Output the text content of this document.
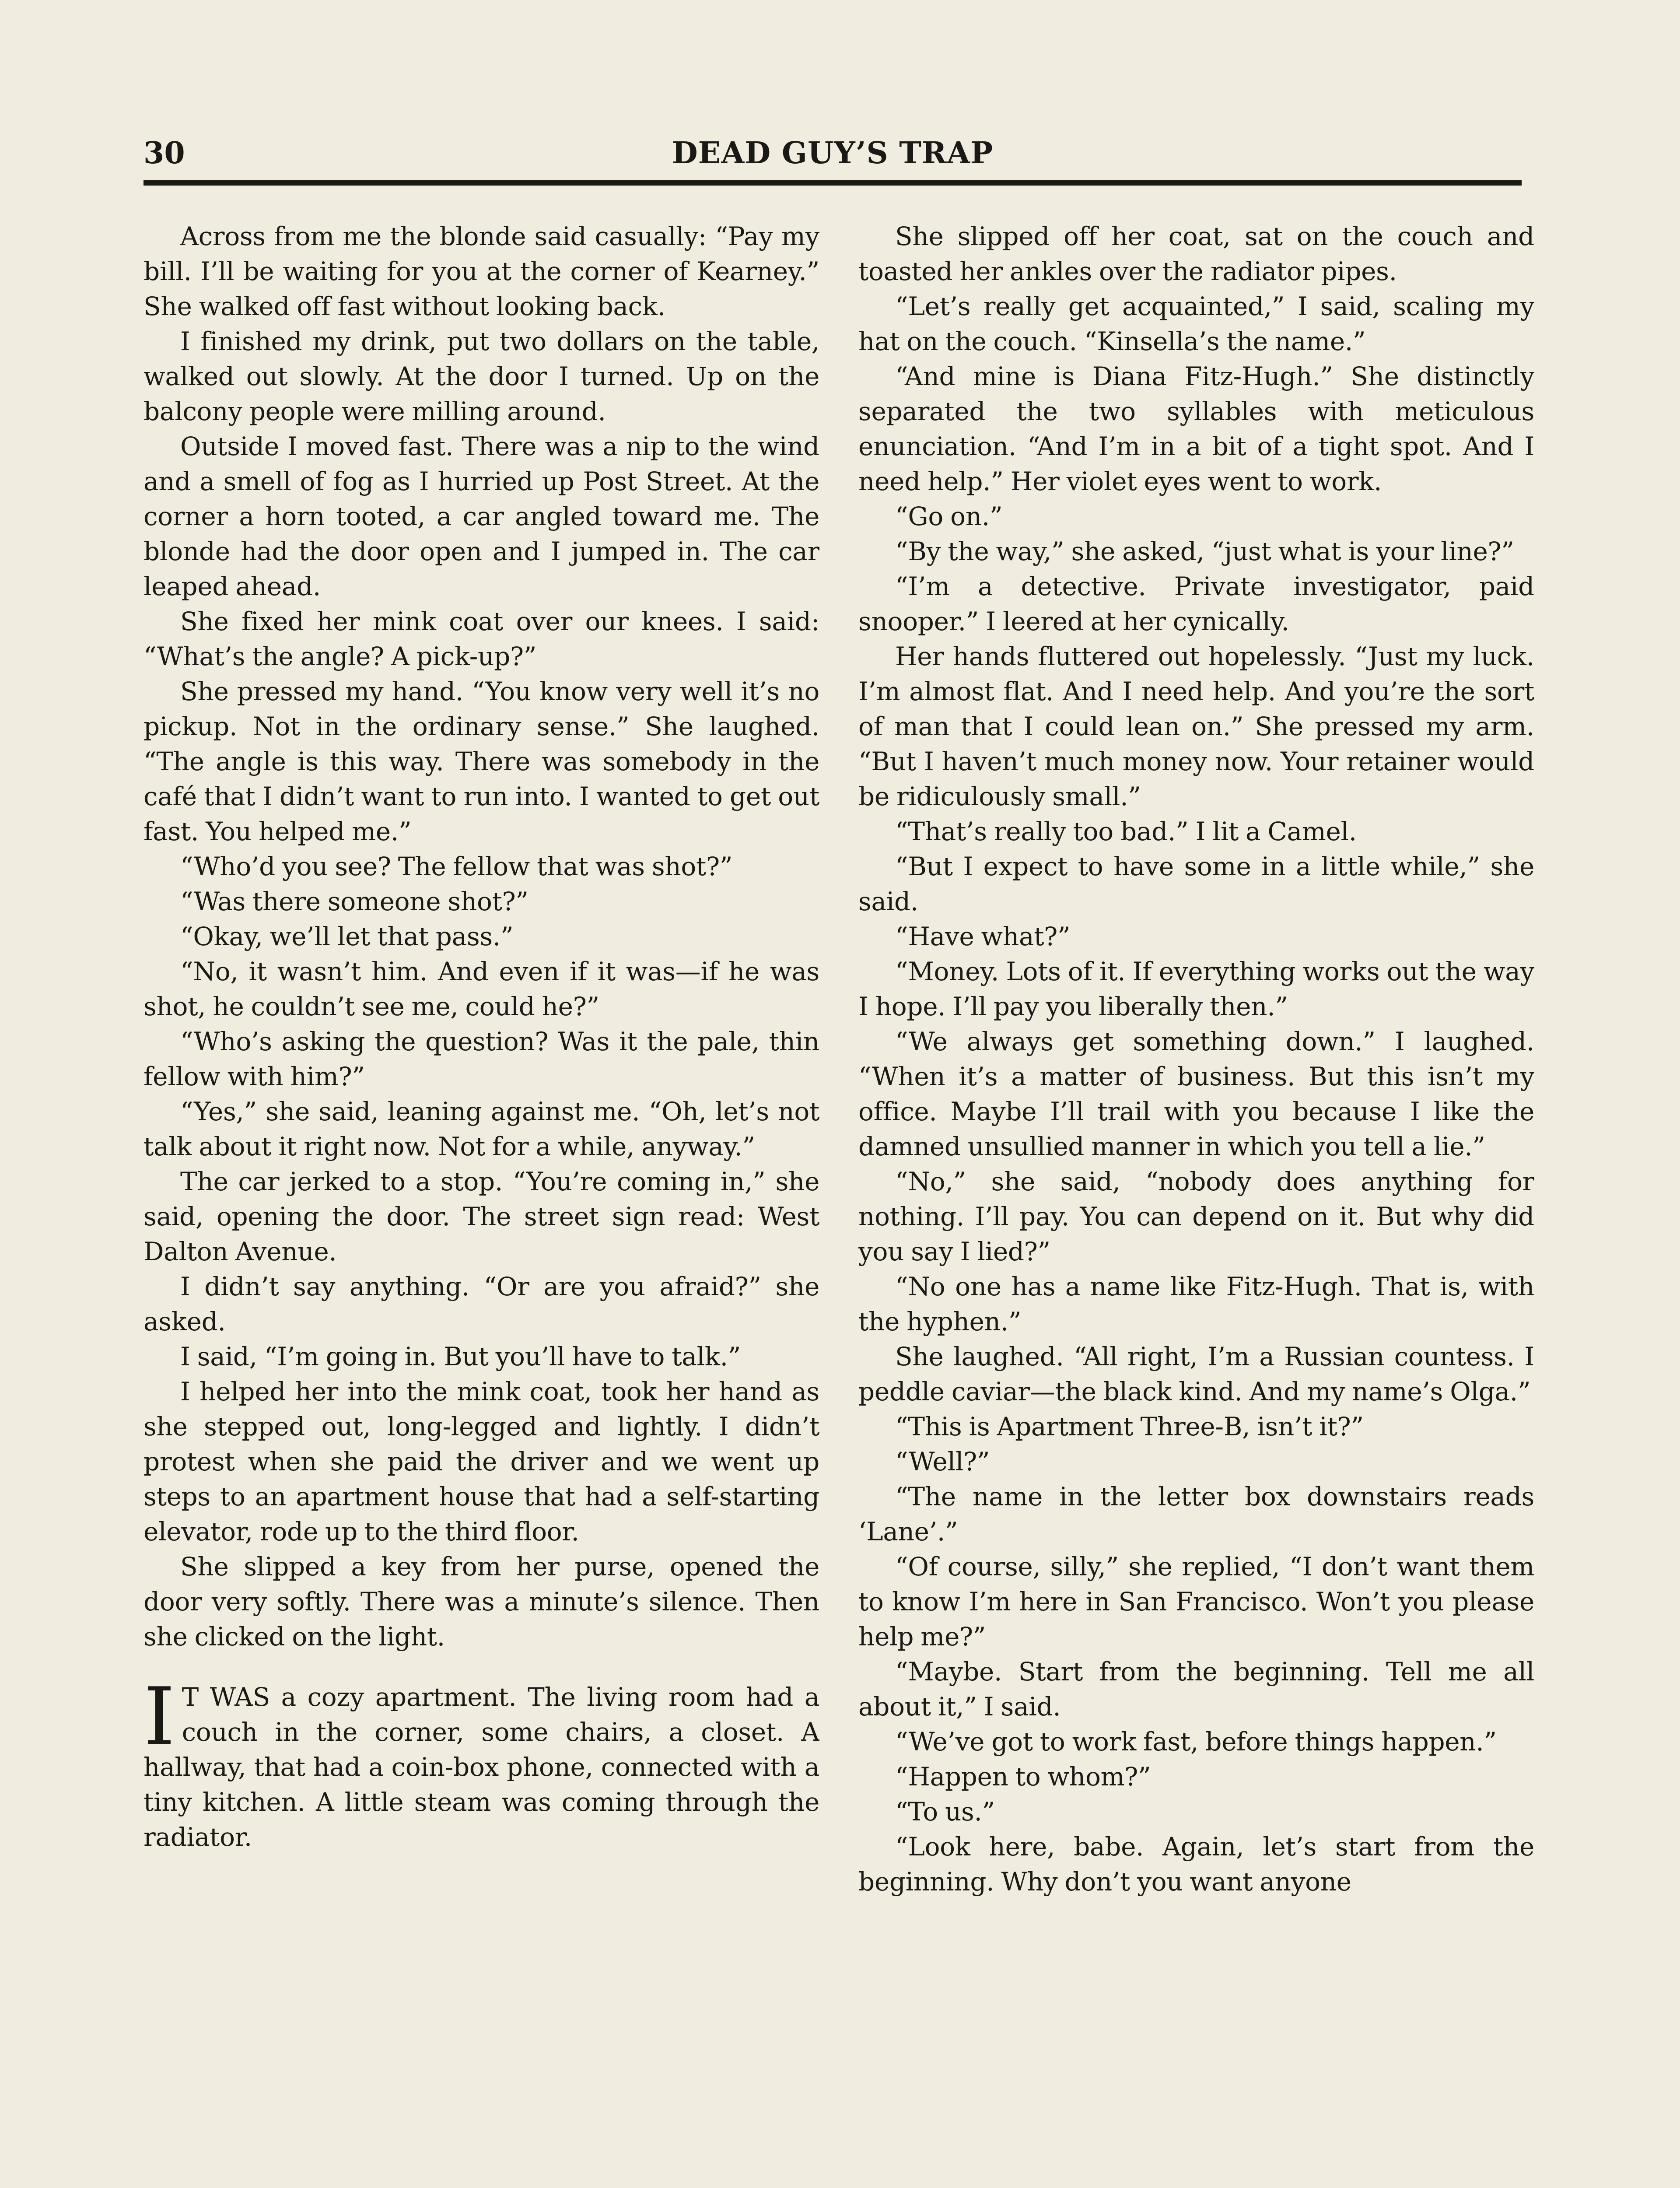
30	DEAD GUY’S TRAP

Across from me the blonde said casually: “Pay my bill. I’ll be waiting for you at the corner of Kearney.” She walked off fast without looking back.

I finished my drink, put two dollars on the table, walked out slowly. At the door I turned. Up on the balcony people were milling around.

Outside I moved fast. There was a nip to the wind and a smell of fog as I hurried up Post Street. At the corner a horn tooted, a car angled toward me. The blonde had the door open and I jumped in. The car leaped ahead.

She fixed her mink coat over our knees. I said: “What’s the angle? A pick-up?”

She pressed my hand. “You know very well it’s no pickup. Not in the ordinary sense.” She laughed. “The angle is this way. There was somebody in the café that I didn’t want to run into. I wanted to get out fast. You helped me.”

“Who’d you see? The fellow that was shot?”

“Was there someone shot?”

“Okay, we’ll let that pass.”

“No, it wasn’t him. And even if it was—if he was shot, he couldn’t see me, could he?”

“Who’s asking the question? Was it the pale, thin fellow with him?”

“Yes,” she said, leaning against me. “Oh, let’s not talk about it right now. Not for a while, anyway.”

The car jerked to a stop. “You’re coming in,” she said, opening the door. The street sign read: West Dalton Avenue.

I didn’t say anything. “Or are you afraid?” she asked.

I said, “I’m going in. But you’ll have to talk.”

I helped her into the mink coat, took her hand as she stepped out, long-legged and lightly. I didn’t protest when she paid the driver and we went up steps to an apartment house that had a self-starting elevator, rode up to the third floor.

She slipped a key from her purse, opened the door very softly. There was a minute’s silence. Then she clicked on the light.

I T WAS a cozy apartment. The living room had a couch in the corner, some chairs, a closet. A hallway, that had a coin-box phone, connected with a tiny kitchen. A little steam was coming through the radiator.

She slipped off her coat, sat on the couch and toasted her ankles over the radiator pipes.

“Let’s really get acquainted,” I said, scaling my hat on the couch. “Kinsella’s the name.”

“And mine is Diana Fitz-Hugh.” She distinctly separated the two syllables with meticulous enunciation. “And I’m in a bit of a tight spot. And I need help.” Her violet eyes went to work.

“Go on.”

“By the way,” she asked, “just what is your line?”

“I’m a detective. Private investigator, paid snooper.” I leered at her cynically.

Her hands fluttered out hopelessly. “Just my luck. I’m almost flat. And I need help. And you’re the sort of man that I could lean on.” She pressed my arm. “But I haven’t much money now. Your retainer would be ridiculously small.”

“That’s really too bad.” I lit a Camel.

“But I expect to have some in a little while,” she said.

“Have what?”

“Money. Lots of it. If everything works out the way I hope. I’ll pay you liberally then.”

“We always get something down.” I laughed. “When it’s a matter of business. But this isn’t my office. Maybe I’ll trail with you because I like the damned unsullied manner in which you tell a lie.”

“No,” she said, “nobody does anything for nothing. I’ll pay. You can depend on it. But why did you say I lied?”

“No one has a name like Fitz-Hugh. That is, with the hyphen.”

She laughed. “All right, I’m a Russian countess. I peddle caviar—the black kind. And my name’s Olga.”

“This is Apartment Three-B, isn’t it?”

“Well?”

“The name in the letter box downstairs reads ‘Lane’.”

“Of course, silly,” she replied, “I don’t want them to know I’m here in San Francisco. Won’t you please help me?”

“Maybe. Start from the beginning. Tell me all about it,” I said.

“We’ve got to work fast, before things happen.”

“Happen to whom?”

“To us.”

“Look here, babe. Again, let’s start from the beginning. Why don’t you want anyone
